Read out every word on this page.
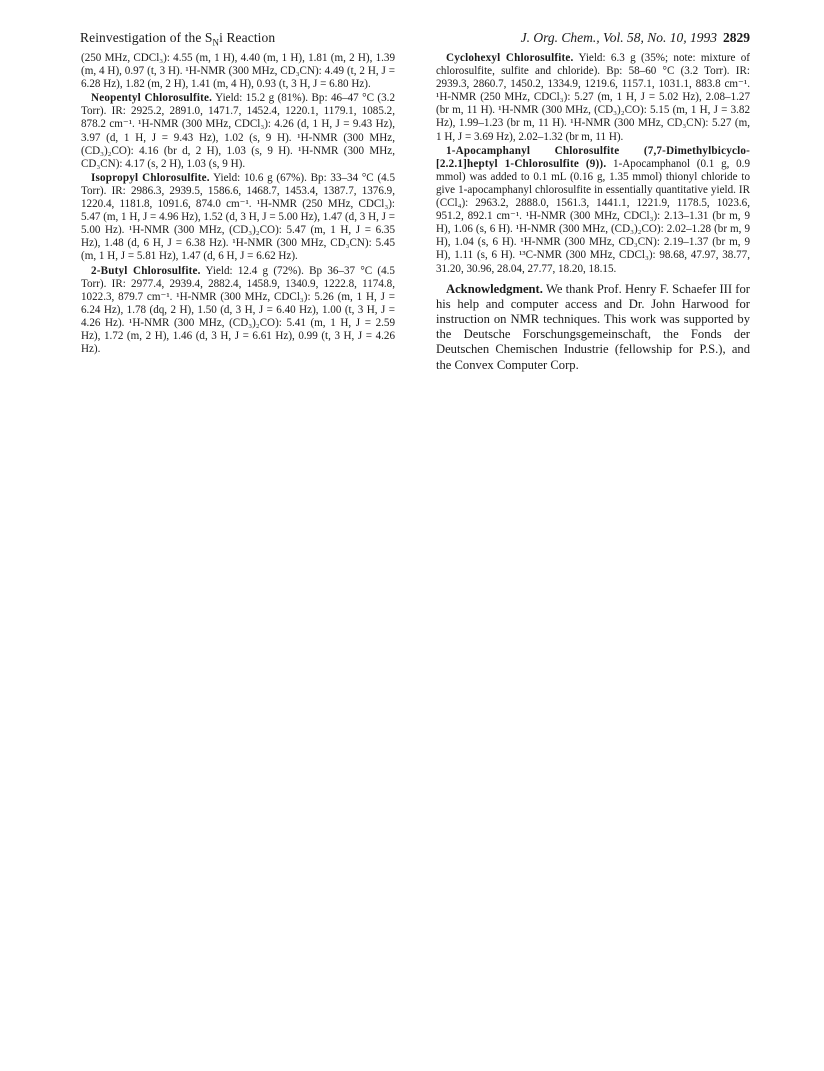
Reinvestigation of the $S_Ni$ Reaction	J. Org. Chem., Vol. 58, No. 10, 1993 2829

(250 MHz, CDCl₃): 4.55 (m, 1 H), 4.40 (m, 1 H), 1.81 (m, 2 H), 1.39 (m, 4 H), 0.97 (t, 3 H). ¹H-NMR (300 MHz, CD₃CN): 4.49 (t, 2 H, J = 6.28 Hz), 1.82 (m, 2 H), 1.41 (m, 4 H), 0.93 (t, 3 H, J = 6.80 Hz).

Neopentyl Chlorosulfite. Yield: 15.2 g (81%). Bp: 46–47 °C (3.2 Torr). IR: 2925.2, 2891.0, 1471.7, 1452.4, 1220.1, 1179.1, 1085.2, 878.2 cm⁻¹. ¹H-NMR (300 MHz, CDCl₃): 4.26 (d, 1 H, J = 9.43 Hz), 3.97 (d, 1 H, J = 9.43 Hz), 1.02 (s, 9 H). ¹H-NMR (300 MHz, (CD₃)₂CO): 4.16 (br d, 2 H), 1.03 (s, 9 H). ¹H-NMR (300 MHz, CD₃CN): 4.17 (s, 2 H), 1.03 (s, 9 H).

Isopropyl Chlorosulfite. Yield: 10.6 g (67%). Bp: 33–34 °C (4.5 Torr). IR: 2986.3, 2939.5, 1586.6, 1468.7, 1453.4, 1387.7, 1376.9, 1220.4, 1181.8, 1091.6, 874.0 cm⁻¹. ¹H-NMR (250 MHz, CDCl₃): 5.47 (m, 1 H, J = 4.96 Hz), 1.52 (d, 3 H, J = 5.00 Hz), 1.47 (d, 3 H, J = 5.00 Hz). ¹H-NMR (300 MHz, (CD₃)₂CO): 5.47 (m, 1 H, J = 6.35 Hz), 1.48 (d, 6 H, J = 6.38 Hz). ¹H-NMR (300 MHz, CD₃CN): 5.45 (m, 1 H, J = 5.81 Hz), 1.47 (d, 6 H, J = 6.62 Hz).

2-Butyl Chlorosulfite. Yield: 12.4 g (72%). Bp 36–37 °C (4.5 Torr). IR: 2977.4, 2939.4, 2882.4, 1458.9, 1340.9, 1222.8, 1174.8, 1022.3, 879.7 cm⁻¹. ¹H-NMR (300 MHz, CDCl₃): 5.26 (m, 1 H, J = 6.24 Hz), 1.78 (dq, 2 H), 1.50 (d, 3 H, J = 6.40 Hz), 1.00 (t, 3 H, J = 4.26 Hz). ¹H-NMR (300 MHz, (CD₃)₂CO): 5.41 (m, 1 H, J = 2.59 Hz), 1.72 (m, 2 H), 1.46 (d, 3 H, J = 6.61 Hz), 0.99 (t, 3 H, J = 4.26 Hz).

Cyclohexyl Chlorosulfite. Yield: 6.3 g (35%; note: mixture of chlorosulfite, sulfite and chloride). Bp: 58–60 °C (3.2 Torr). IR: 2939.3, 2860.7, 1450.2, 1334.9, 1219.6, 1157.1, 1031.1, 883.8 cm⁻¹. ¹H-NMR (250 MHz, CDCl₃): 5.27 (m, 1 H, J = 5.02 Hz), 2.08–1.27 (br m, 11 H). ¹H-NMR (300 MHz, (CD₃)₂CO): 5.15 (m, 1 H, J = 3.82 Hz), 1.99–1.23 (br m, 11 H). ¹H-NMR (300 MHz, CD₃CN): 5.27 (m, 1 H, J = 3.69 Hz), 2.02–1.32 (br m, 11 H).

1-Apocamphanyl Chlorosulfite (7,7-Dimethylbicyclo-[2.2.1]heptyl 1-Chlorosulfite (9)). 1-Apocamphanol (0.1 g, 0.9 mmol) was added to 0.1 mL (0.16 g, 1.35 mmol) thionyl chloride to give 1-apocamphanyl chlorosulfite in essentially quantitative yield. IR (CCl₄): 2963.2, 2888.0, 1561.3, 1441.1, 1221.9, 1178.5, 1023.6, 951.2, 892.1 cm⁻¹. ¹H-NMR (300 MHz, CDCl₃): 2.13–1.31 (br m, 9 H), 1.06 (s, 6 H). ¹H-NMR (300 MHz, (CD₃)₂CO): 2.02–1.28 (br m, 9 H), 1.04 (s, 6 H). ¹H-NMR (300 MHz, CD₃CN): 2.19–1.37 (br m, 9 H), 1.11 (s, 6 H). ¹³C-NMR (300 MHz, CDCl₃): 98.68, 47.97, 38.77, 31.20, 30.96, 28.04, 27.77, 18.20, 18.15.

Acknowledgment. We thank Prof. Henry F. Schaefer III for his help and computer access and Dr. John Harwood for instruction on NMR techniques. This work was supported by the Deutsche Forschungsgemeinschaft, the Fonds der Deutschen Chemischen Industrie (fellowship for P.S.), and the Convex Computer Corp.
